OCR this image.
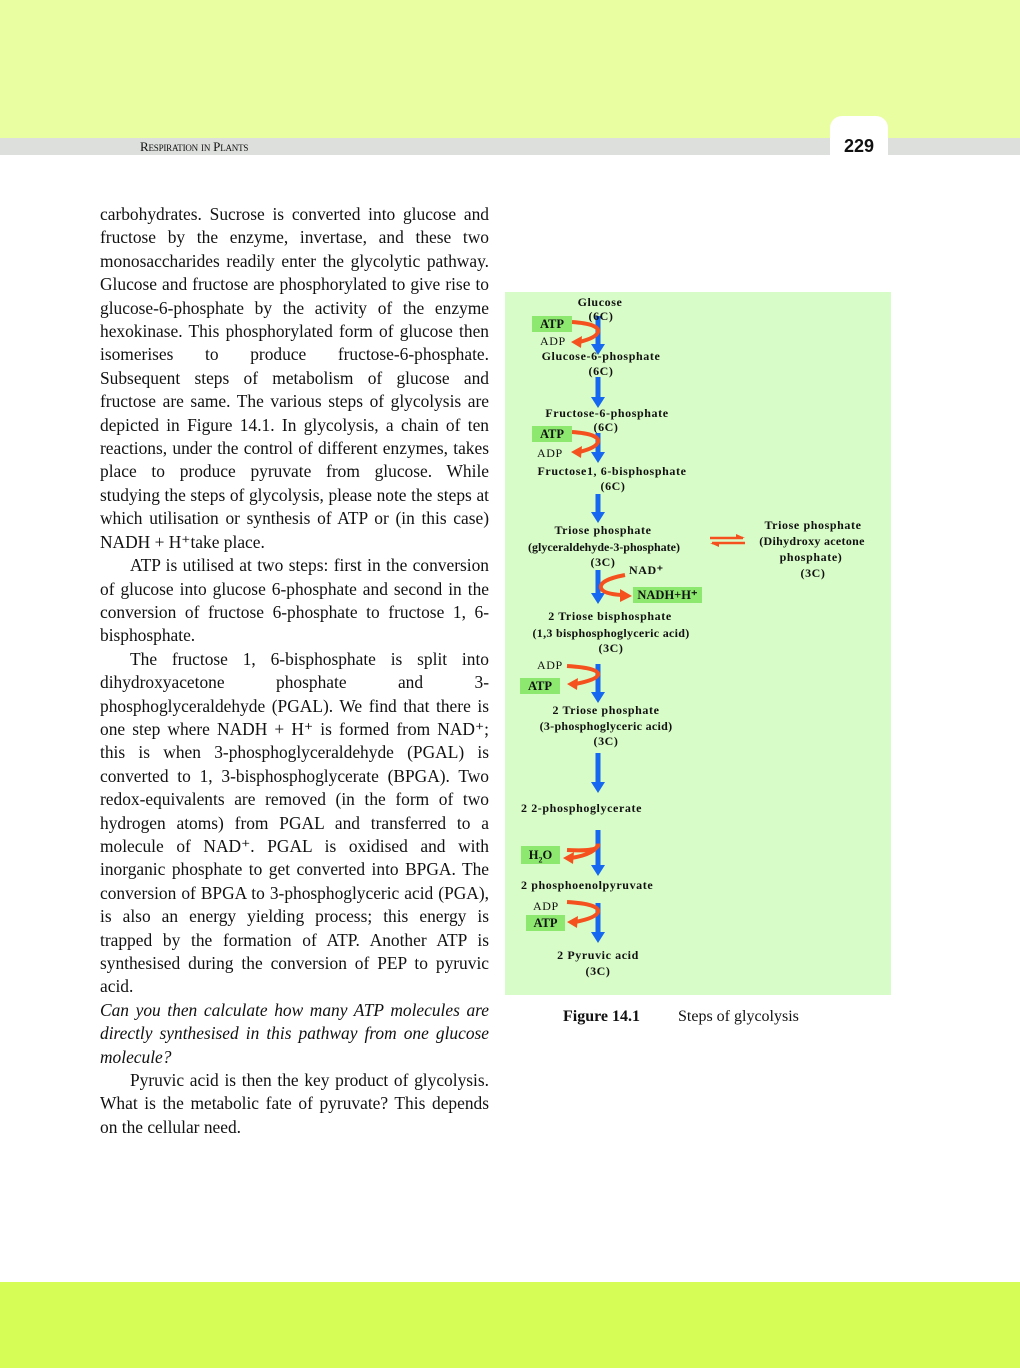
Respiration in Plants	229

carbohydrates. Sucrose is converted into glucose and fructose by the enzyme, invertase, and these two monosaccharides readily enter the glycolytic pathway. Glucose and fructose are phosphorylated to give rise to glucose-6-phosphate by the activity of the enzyme hexokinase. This phosphorylated form of glucose then isomerises to produce fructose-6-phosphate. Subsequent steps of metabolism of glucose and fructose are same. The various steps of glycolysis are depicted in Figure 14.1. In glycolysis, a chain of ten reactions, under the control of different enzymes, takes place to produce pyruvate from glucose. While studying the steps of glycolysis, please note the steps at which utilisation or synthesis of ATP or (in this case) NADH + H⁺take place.

ATP is utilised at two steps: first in the conversion of glucose into glucose 6-phosphate and second in the conversion of fructose 6-phosphate to fructose 1, 6-bisphosphate.

The fructose 1, 6-bisphosphate is split into dihydroxyacetone phosphate and 3-phosphoglyceraldehyde (PGAL). We find that there is one step where NADH + H⁺ is formed from NAD⁺; this is when 3-phosphoglyceraldehyde (PGAL) is converted to 1, 3-bisphosphoglycerate (BPGA). Two redox-equivalents are removed (in the form of two hydrogen atoms) from PGAL and transferred to a molecule of NAD⁺. PGAL is oxidised and with inorganic phosphate to get converted into BPGA. The conversion of BPGA to 3-phosphoglyceric acid (PGA), is also an energy yielding process; this energy is trapped by the formation of ATP. Another ATP is synthesised during the conversion of PEP to pyruvic acid.

Can you then calculate how many ATP molecules are directly synthesised in this pathway from one glucose molecule?

Pyruvic acid is then the key product of glycolysis. What is the metabolic fate of pyruvate? This depends on the cellular need.

Glucose
(6C)
ATP
ADP
Glucose-6-phosphate
(6C)
Fructose-6-phosphate
(6C)
ATP
ADP
Fructose1, 6-bisphosphate
(6C)
Triose phosphate
(glyceraldehyde-3-phosphate)
(3C)
NAD⁺
NADH+H⁺
Triose phosphate
(Dihydroxy acetone
phosphate)
(3C)
2 Triose bisphosphate
(1,3 bisphosphoglyceric acid)
(3C)
ADP
ATP
2 Triose phosphate
(3-phosphoglyceric acid)
(3C)
2 2-phosphoglycerate
$H_2O$
2 phosphoenolpyruvate
ADP
ATP
2 Pyruvic acid
(3C)
Figure 14.1 Steps of glycolysis
